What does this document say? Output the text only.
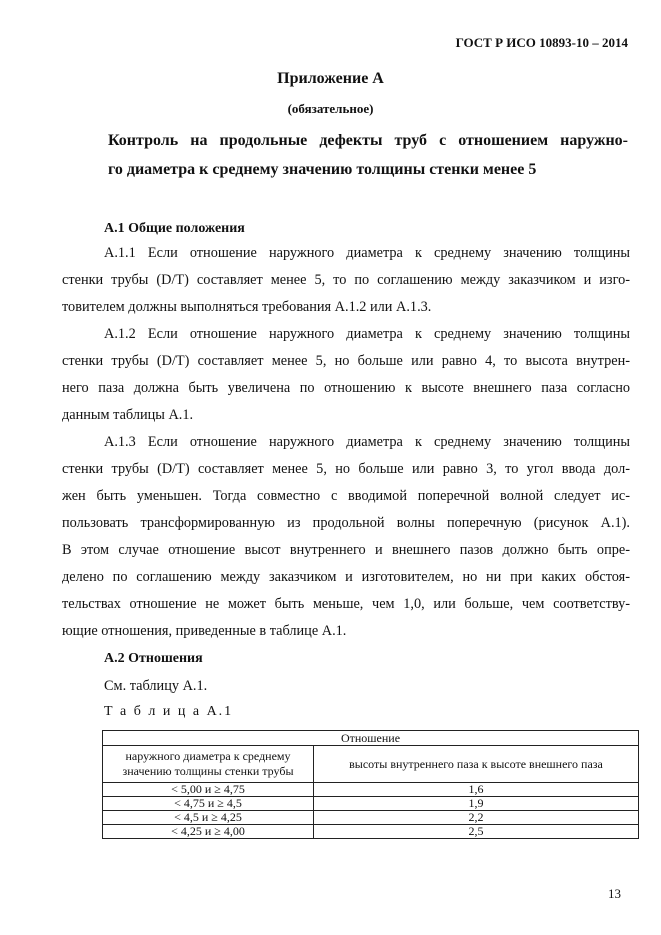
ГОСТ Р ИСО 10893-10 – 2014
Приложение А
(обязательное)
Контроль на продольные дефекты труб с отношением наружно-
го диаметра к среднему значению толщины стенки менее 5
А.1 Общие положения
А.1.1 Если отношение наружного диаметра к среднему значению толщины
стенки трубы (D/T) составляет менее 5, то по соглашению между заказчиком и изго-
товителем должны выполняться требования А.1.2 или А.1.3.
А.1.2 Если отношение наружного диаметра к среднему значению толщины
стенки трубы (D/T) составляет менее 5, но больше или равно 4, то высота внутрен-
него паза должна быть увеличена по отношению к высоте внешнего паза согласно
данным таблицы А.1.
А.1.3 Если отношение наружного диаметра к среднему значению толщины
стенки трубы (D/T) составляет менее 5, но больше или равно 3, то угол ввода дол-
жен быть уменьшен. Тогда совместно с вводимой поперечной волной следует ис-
пользовать трансформированную из продольной волны поперечную (рисунок А.1).
В этом случае отношение высот внутреннего и внешнего пазов должно быть опре-
делено по соглашению между заказчиком и изготовителем, но ни при каких обстоя-
тельствах отношение не может быть меньше, чем 1,0, или больше, чем соответству-
ющие отношения, приведенные в таблице А.1.
А.2 Отношения
См. таблицу А.1.
Т а б л и ц а А.1
Отношение	
наружного диаметра к среднему значению толщины стенки трубы	высоты внутреннего паза к высоте внешнего паза
< 5,00 и ≥ 4,75	1,6
< 4,75 и ≥ 4,5	1,9
< 4,5 и ≥ 4,25	2,2
< 4,25 и ≥ 4,00	2,5
13
